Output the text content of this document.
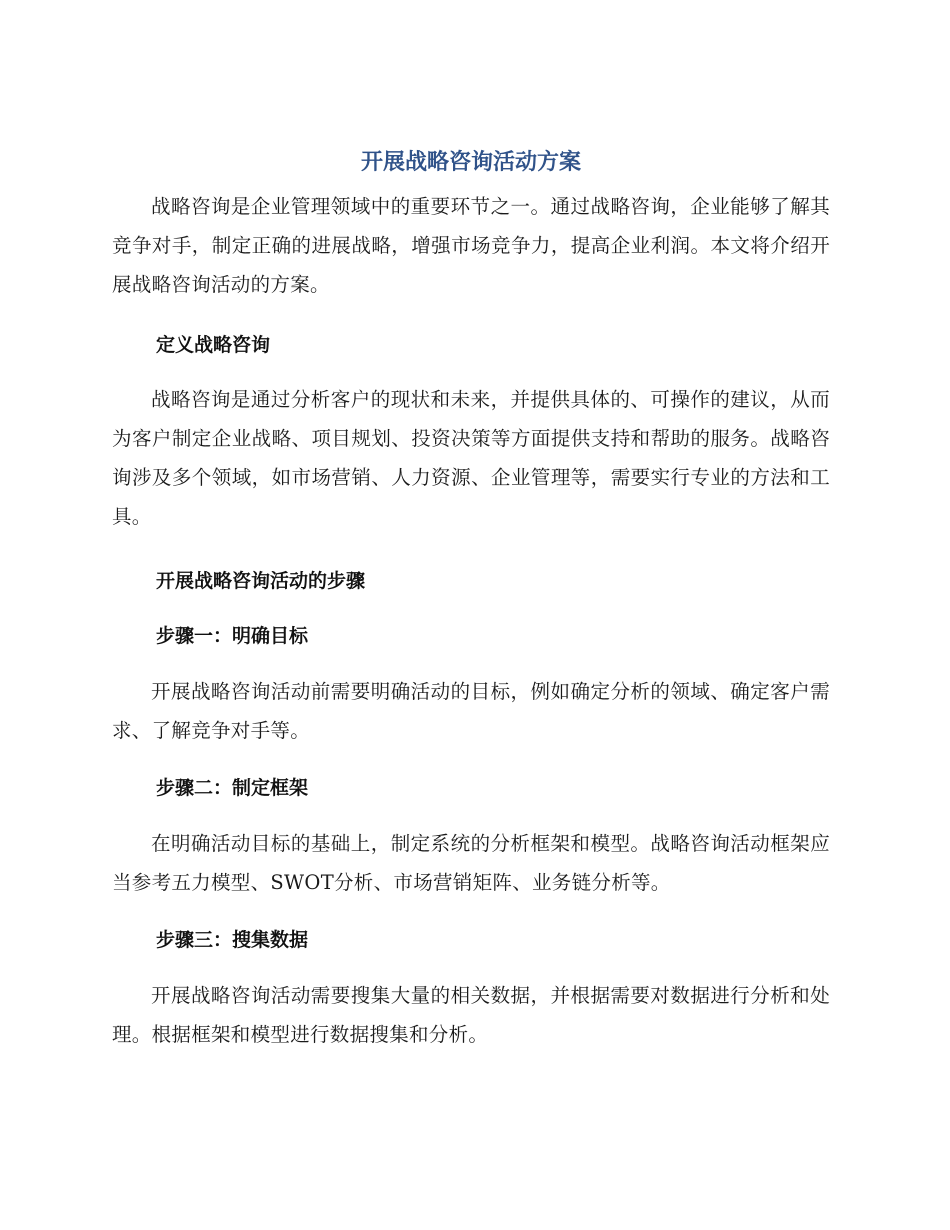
开展战略咨询活动方案

战略咨询是企业管理领域中的重要环节之一。通过战略咨询，企业能够了解其竞争对手，制定正确的进展战略，增强市场竞争力，提高企业利润。本文将介绍开展战略咨询活动的方案。

定义战略咨询

战略咨询是通过分析客户的现状和未来，并提供具体的、可操作的建议，从而为客户制定企业战略、项目规划、投资决策等方面提供支持和帮助的服务。战略咨询涉及多个领域，如市场营销、人力资源、企业管理等，需要实行专业的方法和工具。

开展战略咨询活动的步骤
步骤一：明确目标

开展战略咨询活动前需要明确活动的目标，例如确定分析的领域、确定客户需求、了解竞争对手等。

步骤二：制定框架

在明确活动目标的基础上，制定系统的分析框架和模型。战略咨询活动框架应当参考五力模型、SWOT分析、市场营销矩阵、业务链分析等。

步骤三：搜集数据

开展战略咨询活动需要搜集大量的相关数据，并根据需要对数据进行分析和处理。根据框架和模型进行数据搜集和分析。
